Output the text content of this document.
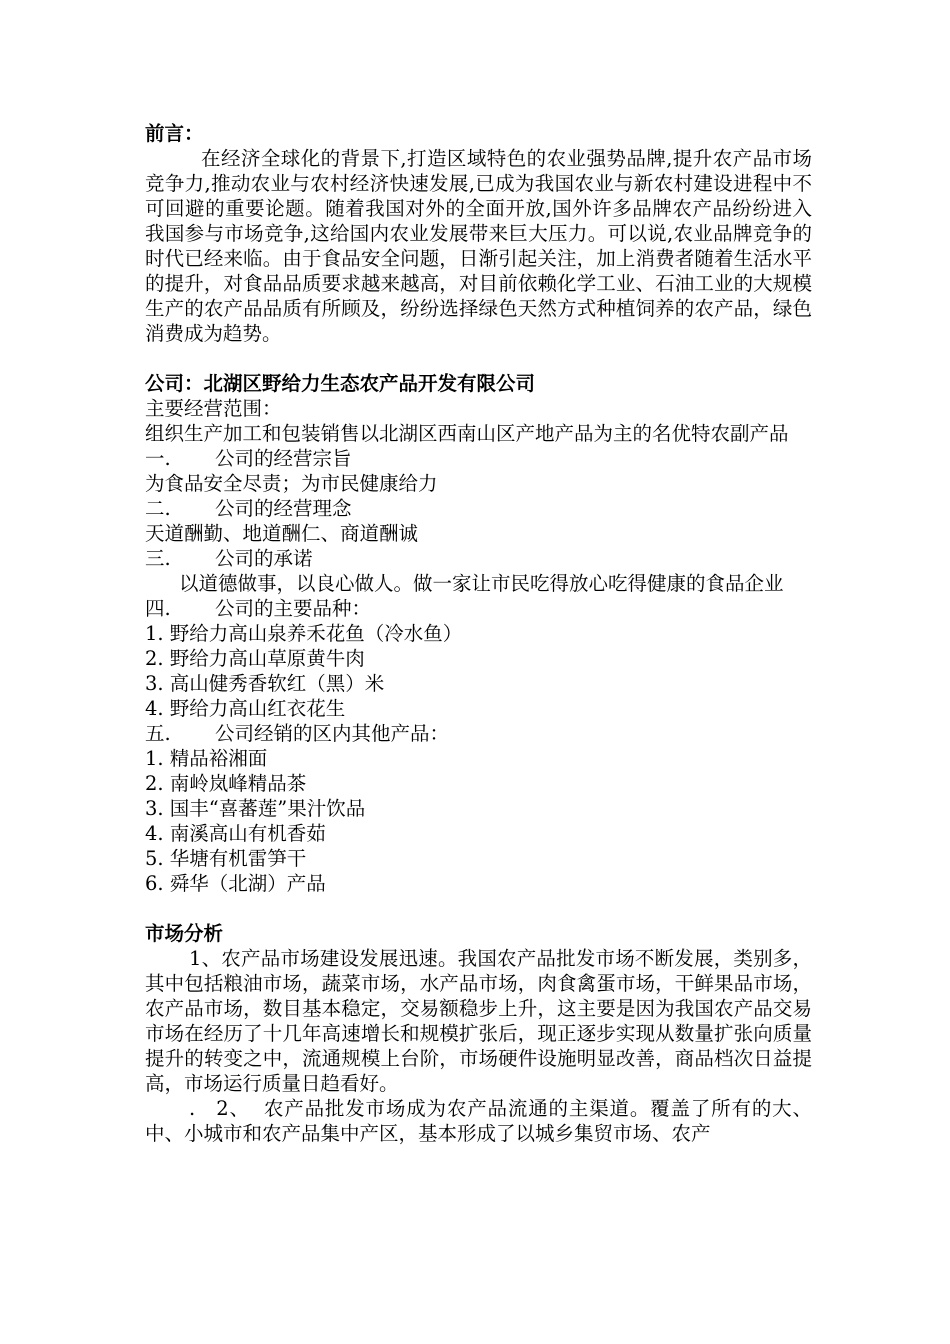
前言：

在经济全球化的背景下,打造区域特色的农业强势品牌,提升农产品市场竞争力,推动农业与农村经济快速发展,已成为我国农业与新农村建设进程中不可回避的重要论题。随着我国对外的全面开放,国外许多品牌农产品纷纷进入我国参与市场竞争,这给国内农业发展带来巨大压力。可以说,农业品牌竞争的时代已经来临。由于食品安全问题，日渐引起关注，加上消费者随着生活水平的提升，对食品品质要求越来越高，对目前依赖化学工业、石油工业的大规模生产的农产品品质有所顾及，纷纷选择绿色天然方式种植饲养的农产品，绿色消费成为趋势。

公司：北湖区野给力生态农产品开发有限公司

主要经营范围：

组织生产加工和包装销售以北湖区西南山区产地产品为主的名优特农副产品

一. 公司的经营宗旨

为食品安全尽责；为市民健康给力

二. 公司的经营理念

天道酬勤、地道酬仁、商道酬诚

三. 公司的承诺

以道德做事，以良心做人。做一家让市民吃得放心吃得健康的食品企业

四. 公司的主要品种：

1. 野给力高山泉养禾花鱼（冷水鱼）

2. 野给力高山草原黄牛肉

3. 高山健秀香软红（黑）米

4. 野给力高山红衣花生

五. 公司经销的区内其他产品：

1. 精品裕湘面

2. 南岭岚峰精品茶

3. 国丰“喜蕃莲”果汁饮品

4. 南溪高山有机香茹

5. 华塘有机雷笋干

6. 舜华（北湖）产品

市场分析

1、农产品市场建设发展迅速。我国农产品批发市场不断发展，类别多，其中包括粮油市场，蔬菜市场，水产品市场，肉食禽蛋市场，干鲜果品市场，农产品市场，数目基本稳定，交易额稳步上升，这主要是因为我国农产品交易市场在经历了十几年高速增长和规模扩张后，现正逐步实现从数量扩张向质量提升的转变之中，流通规模上台阶，市场硬件设施明显改善，商品档次日益提高，市场运行质量日趋看好。

.   2、  农产品批发市场成为农产品流通的主渠道。覆盖了所有的大、中、小城市和农产品集中产区，基本形成了以城乡集贸市场、农产
